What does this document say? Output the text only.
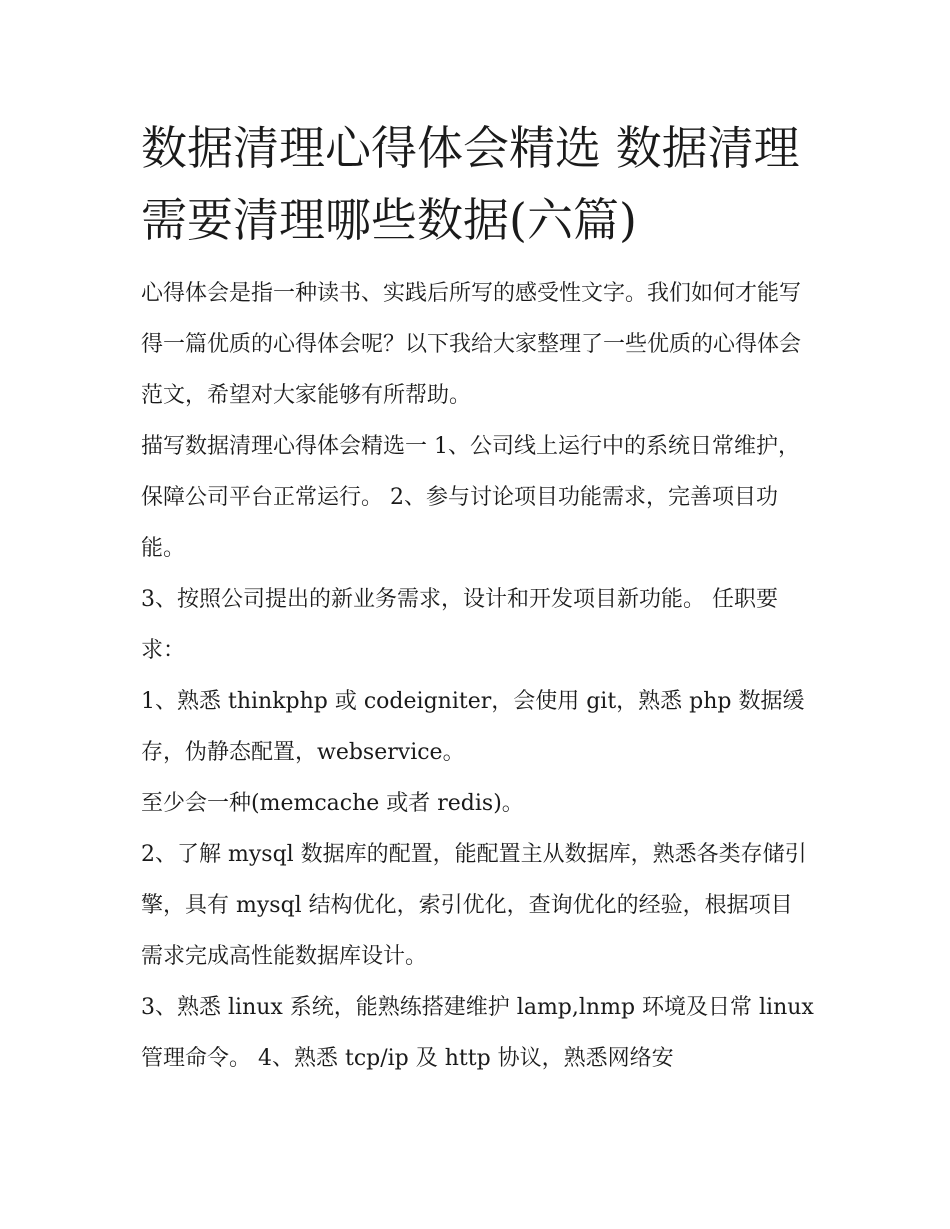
数据清理心得体会精选 数据清理需要清理哪些数据(六篇)

心得体会是指一种读书、实践后所写的感受性文字。我们如何才能写得一篇优质的心得体会呢？以下我给大家整理了一些优质的心得体会范文，希望对大家能够有所帮助。

描写数据清理心得体会精选一 1、公司线上运行中的系统日常维护，保障公司平台正常运行。 2、参与讨论项目功能需求，完善项目功能。

3、按照公司提出的新业务需求，设计和开发项目新功能。 任职要求：

1、熟悉 thinkphp 或 codeigniter，会使用 git，熟悉 php 数据缓存，伪静态配置，webservice。

至少会一种(memcache 或者 redis)。

2、了解 mysql 数据库的配置，能配置主从数据库，熟悉各类存储引擎，具有 mysql 结构优化，索引优化，查询优化的经验，根据项目需求完成高性能数据库设计。

3、熟悉 linux 系统，能熟练搭建维护 lamp,lnmp 环境及日常 linux 管理命令。 4、熟悉 tcp/ip 及 http 协议，熟悉网络安
